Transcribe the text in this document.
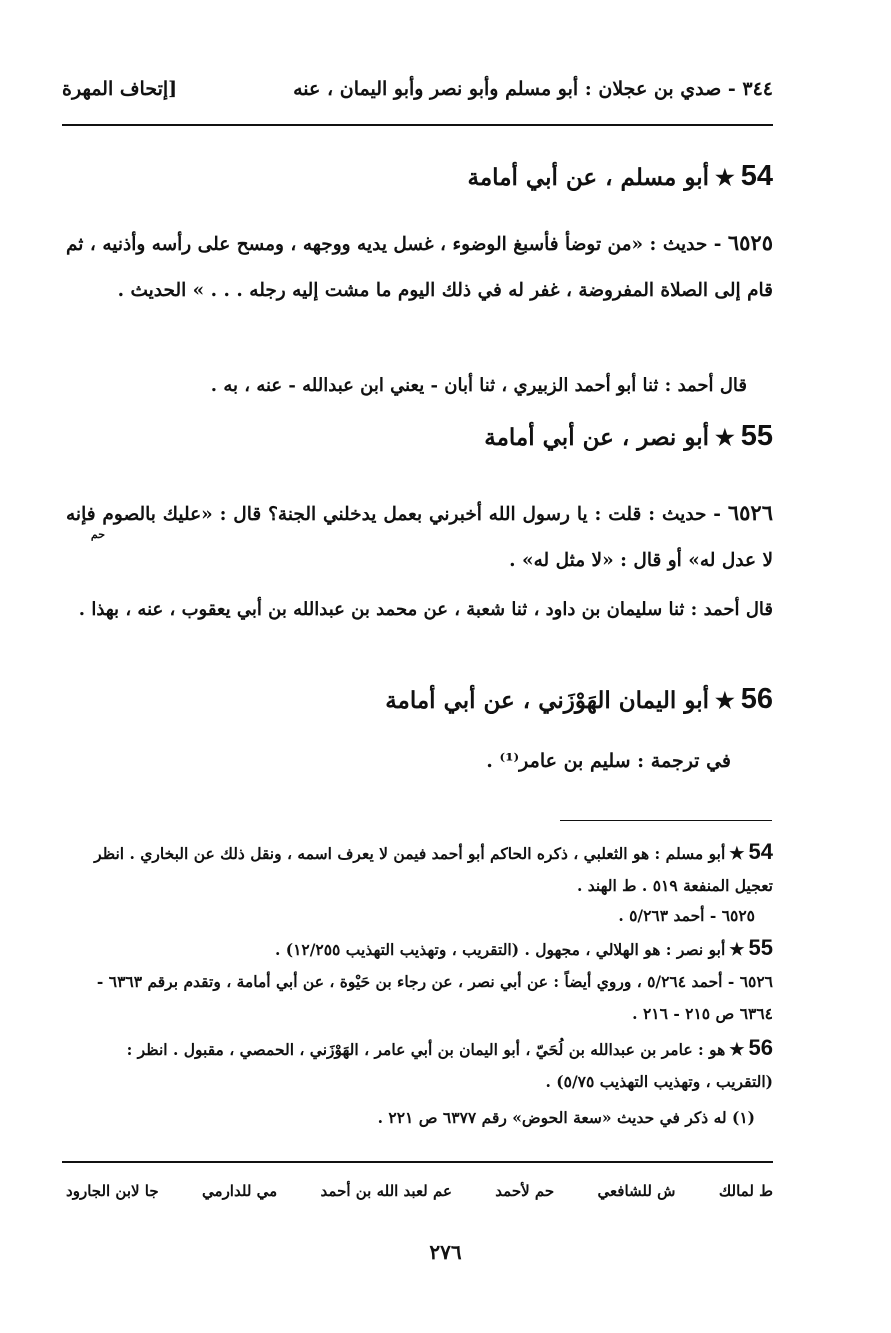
٣٤٤ - صدي بن عجلان : أبو مسلم وأبو نصر وأبو اليمان ، عنه
[إتحاف المهرة
54★أبو مسلم ، عن أبي أمامة
٦٥٢٥ - حديث : «من توضأ فأسبغ الوضوء ، غسل يديه ووجهه ، ومسح على رأسه وأذنيه ، ثم قام إلى الصلاة المفروضة ، غفر له في ذلك اليوم ما مشت إليه رجله . . . » الحديث .
قال أحمد : ثنا أبو أحمد الزبيري ، ثنا أبان - يعني ابن عبدالله - عنه ، به .
55★أبو نصر ، عن أبي أمامة
حم
٦٥٢٦ - حديث : قلت : يا رسول الله أخبرني بعمل يدخلني الجنة؟ قال : «عليك بالصوم فإنه لا عدل له» أو قال : «لا مثل له» .
قال أحمد : ثنا سليمان بن داود ، ثنا شعبة ، عن محمد بن عبدالله بن أبي يعقوب ، عنه ، بهذا .
56★أبو اليمان الهَوْزَني ، عن أبي أمامة
في ترجمة : سليم بن عامر⁽¹⁾ .
54★أبو مسلم : هو الثعلبي ، ذكره الحاكم أبو أحمد فيمن لا يعرف اسمه ، ونقل ذلك عن البخاري . انظر تعجيل المنفعة ٥١٩ . ط الهند .
٦٥٢٥ - أحمد ٥/٢٦٣ .
55★أبو نصر : هو الهلالي ، مجهول . (التقريب ، وتهذيب التهذيب ١٢/٢٥٥) .
٦٥٢٦ - أحمد ٥/٢٦٤ ، وروي أيضاً : عن أبي نصر ، عن رجاء بن حَيْوة ، عن أبي أمامة ، وتقدم برقم ٦٣٦٣ - ٦٣٦٤ ص ٢١٥ - ٢١٦ .
56★هو : عامر بن عبدالله بن لُحَيّ ، أبو اليمان بن أبي عامر ، الهَوْزَني ، الحمصي ، مقبول . انظر : (التقريب ، وتهذيب التهذيب ٥/٧٥) .
(١) له ذكر في حديث «سعة الحوض» رقم ٦٣٧٧ ص ٢٢١ .
ط لمالك
ش للشافعي
حم لأحمد
عم لعبد الله بن أحمد
مي للدارمي
جا لابن الجارود
٢٧٦
